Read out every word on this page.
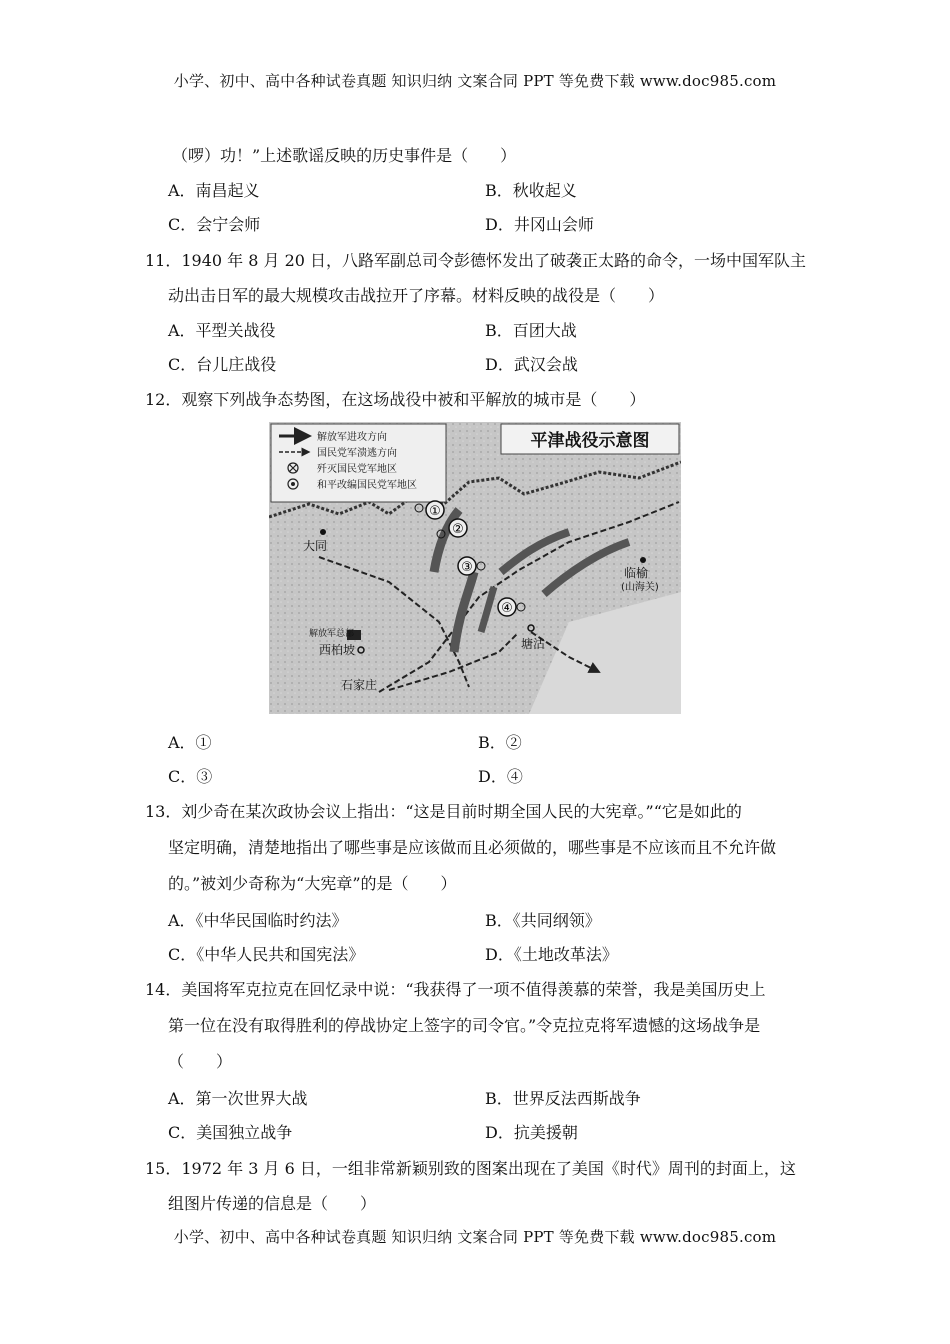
小学、初中、高中各种试卷真题 知识归纳 文案合同 PPT 等免费下载 www.doc985.com
（啰）功！”上述歌谣反映的历史事件是（　　）
A．南昌起义	B．秋收起义
C．会宁会师	D．井冈山会师
11．1940 年 8 月 20 日，八路军副总司令彭德怀发出了破袭正太路的命令，一场中国军队主
动出击日军的最大规模攻击战拉开了序幕。材料反映的战役是（　　）
A．平型关战役	B．百团大战
C．台儿庄战役	D．武汉会战
12．观察下列战争态势图，在这场战役中被和平解放的城市是（　　）
解放军进攻方向
国民党军溃逃方向
歼灭国民党军地区
和平改编国民党军地区
平津战役示意图
①
②
③
④
大同
解放军总部
西柏坡
石家庄
塘沽
临榆
(山海关)
A．①	B．②
C．③	D．④
13．刘少奇在某次政协会议上指出：“这是目前时期全国人民的大宪章。”“它是如此的
坚定明确，清楚地指出了哪些事是应该做而且必须做的，哪些事是不应该而且不允许做
的。”被刘少奇称为“大宪章”的是（　　）
A．《中华民国临时约法》	B．《共同纲领》
C．《中华人民共和国宪法》	D．《土地改革法》
14．美国将军克拉克在回忆录中说：“我获得了一项不值得羡慕的荣誉，我是美国历史上
第一位在没有取得胜利的停战协定上签字的司令官。”令克拉克将军遗憾的这场战争是
（　　）
A．第一次世界大战	B．世界反法西斯战争
C．美国独立战争	D．抗美援朝
15．1972 年 3 月 6 日，一组非常新颖别致的图案出现在了美国《时代》周刊的封面上，这
组图片传递的信息是（　　）
小学、初中、高中各种试卷真题 知识归纳 文案合同 PPT 等免费下载 www.doc985.com
